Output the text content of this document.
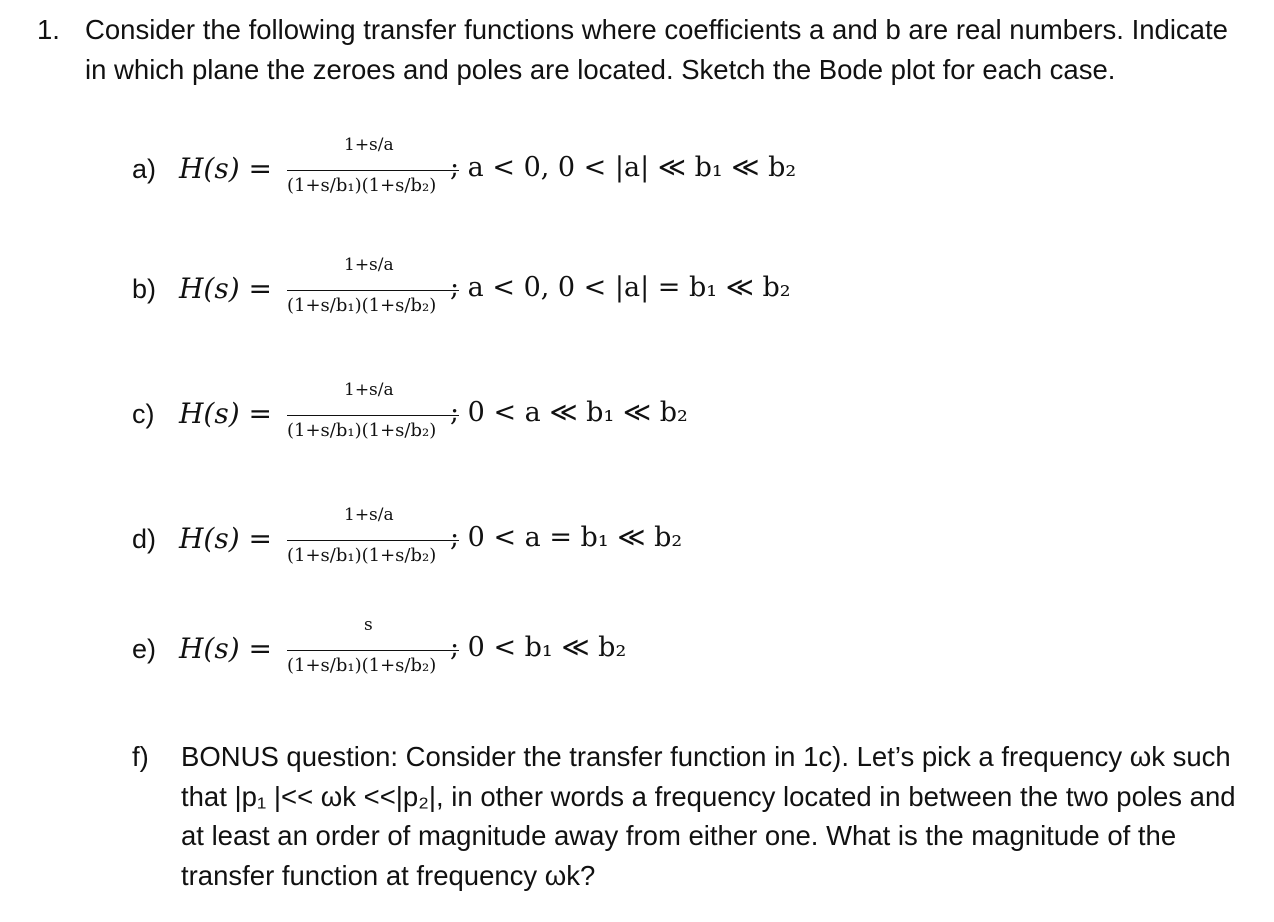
1. Consider the following transfer functions where coefficients a and b are real numbers. Indicate in which plane the zeroes and poles are located. Sketch the Bode plot for each case.
a) H(s) =
1+s/a
(1+s/b₁)(1+s/b₂)
; a < 0, 0 < |a| ≪ b₁ ≪ b₂
b) H(s) =
1+s/a
(1+s/b₁)(1+s/b₂)
; a < 0, 0 < |a| = b₁ ≪ b₂
c) H(s) =
1+s/a
(1+s/b₁)(1+s/b₂)
; 0 < a ≪ b₁ ≪ b₂
d) H(s) =
1+s/a
(1+s/b₁)(1+s/b₂)
; 0 < a = b₁ ≪ b₂
e) H(s) =
s
(1+s/b₁)(1+s/b₂)
; 0 < b₁ ≪ b₂
f) BONUS question: Consider the transfer function in 1c). Let’s pick a frequency ωk such that |p₁ |<< ωk <<|p₂|, in other words a frequency located in between the two poles and at least an order of magnitude away from either one. What is the magnitude of the transfer function at frequency ωk?
